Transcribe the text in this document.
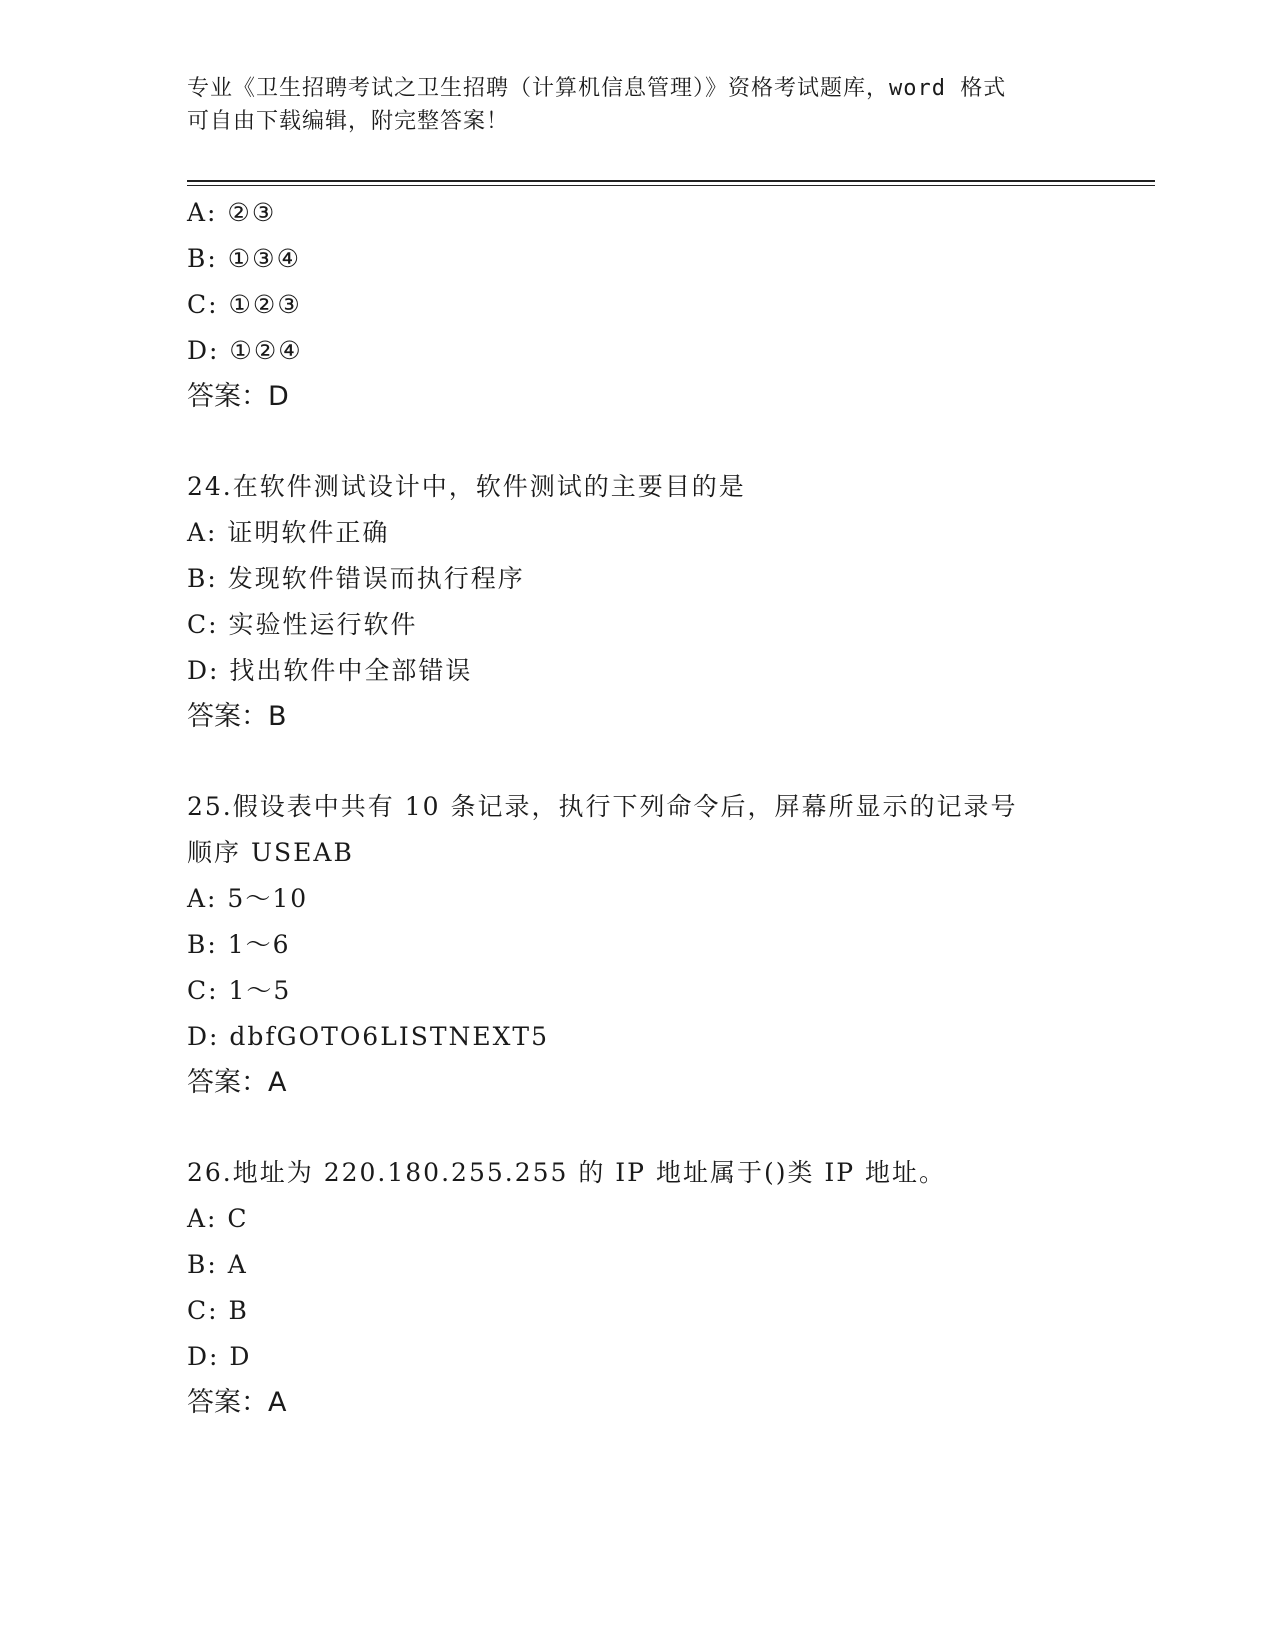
专业《卫生招聘考试之卫生招聘（计算机信息管理）》资格考试题库，word 格式
可自由下载编辑，附完整答案！
A: ②③
B: ①③④
C: ①②③
D: ①②④
答案：D
24.在软件测试设计中，软件测试的主要目的是
A: 证明软件正确
B: 发现软件错误而执行程序
C: 实验性运行软件
D: 找出软件中全部错误
答案：B
25.假设表中共有 10 条记录，执行下列命令后，屏幕所显示的记录号
顺序 USEAB
A: 5～10
B: 1～6
C: 1～5
D: dbfGOTO6LISTNEXT5
答案：A
26.地址为 220.180.255.255 的 IP 地址属于()类 IP 地址。
A: C
B: A
C: B
D: D
答案：A
